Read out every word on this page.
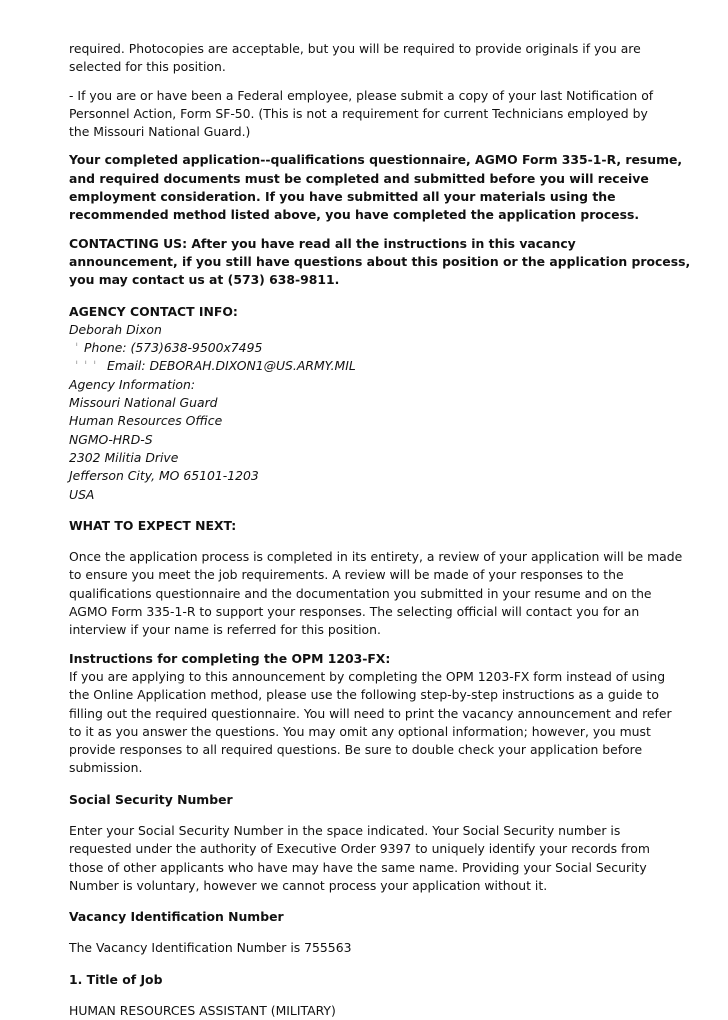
required. Photocopies are acceptable, but you will be required to provide originals if you are

selected for this position.

- If you are or have been a Federal employee, please submit a copy of your last Notification of

Personnel Action, Form SF-50. (This is not a requirement for current Technicians employed by

the Missouri National Guard.)

Your completed application--qualifications questionnaire, AGMO Form 335-1-R, resume,

and required documents must be completed and submitted before you will receive

employment consideration. If you have submitted all your materials using the

recommended method listed above, you have completed the application process.

CONTACTING US: After you have read all the instructions in this vacancy

announcement, if you still have questions about this position or the application process,

you may contact us at (573) 638-9811.

AGENCY CONTACT INFO:

Deborah Dixon

ˈ Phone: (573)638-9500x7495

ˈ ˈ ˈ Email: DEBORAH.DIXON1@US.ARMY.MIL

Agency Information:

Missouri National Guard

Human Resources Office

NGMO-HRD-S

2302 Militia Drive

Jefferson City, MO 65101-1203

USA

WHAT TO EXPECT NEXT:

Once the application process is completed in its entirety, a review of your application will be made

to ensure you meet the job requirements. A review will be made of your responses to the

qualifications questionnaire and the documentation you submitted in your resume and on the

AGMO Form 335-1-R to support your responses. The selecting official will contact you for an

interview if your name is referred for this position.

Instructions for completing the OPM 1203-FX:

If you are applying to this announcement by completing the OPM 1203-FX form instead of using

the Online Application method, please use the following step-by-step instructions as a guide to

filling out the required questionnaire. You will need to print the vacancy announcement and refer

to it as you answer the questions. You may omit any optional information; however, you must

provide responses to all required questions. Be sure to double check your application before

submission.

Social Security Number

Enter your Social Security Number in the space indicated. Your Social Security number is

requested under the authority of Executive Order 9397 to uniquely identify your records from

those of other applicants who have may have the same name. Providing your Social Security

Number is voluntary, however we cannot process your application without it.

Vacancy Identification Number

The Vacancy Identification Number is 755563

1. Title of Job

HUMAN RESOURCES ASSISTANT (MILITARY)
